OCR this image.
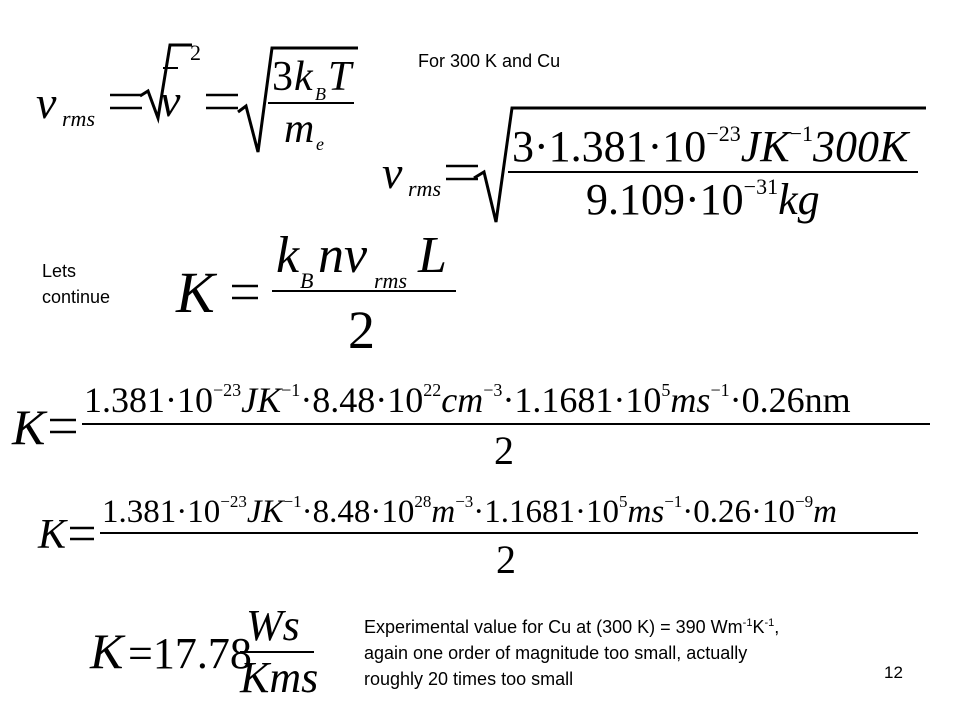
For 300 K and Cu
Lets
continue
Experimental value for Cu at (300 K) = 390 $Wm^{-1}K^{-1}$,
again one order of magnitude too small, actually
roughly 20 times too small	12
v rms v
2
3 k B T
m e
v rms
$3\cdot 1.381\cdot 10^{-23}JK^{-1}300K$
$9.109\cdot 10^{-31}kg$
K
k B nv rms L
2
K $1.381\cdot 10^{-23}JK^{-1}\cdot 8.48\cdot 10^{22}cm^{-3}\cdot 1.1681\cdot 10^5ms^{-1}\cdot 0.26nm$
2
K $1.381\cdot 10^{-23}JK^{-1}\cdot 8.48\cdot 10^{28}m^{-3}\cdot 1.1681\cdot 10^5ms^{-1}\cdot 0.26\cdot 10^{-9}m$
2
K =17.78
Ws
Kms
